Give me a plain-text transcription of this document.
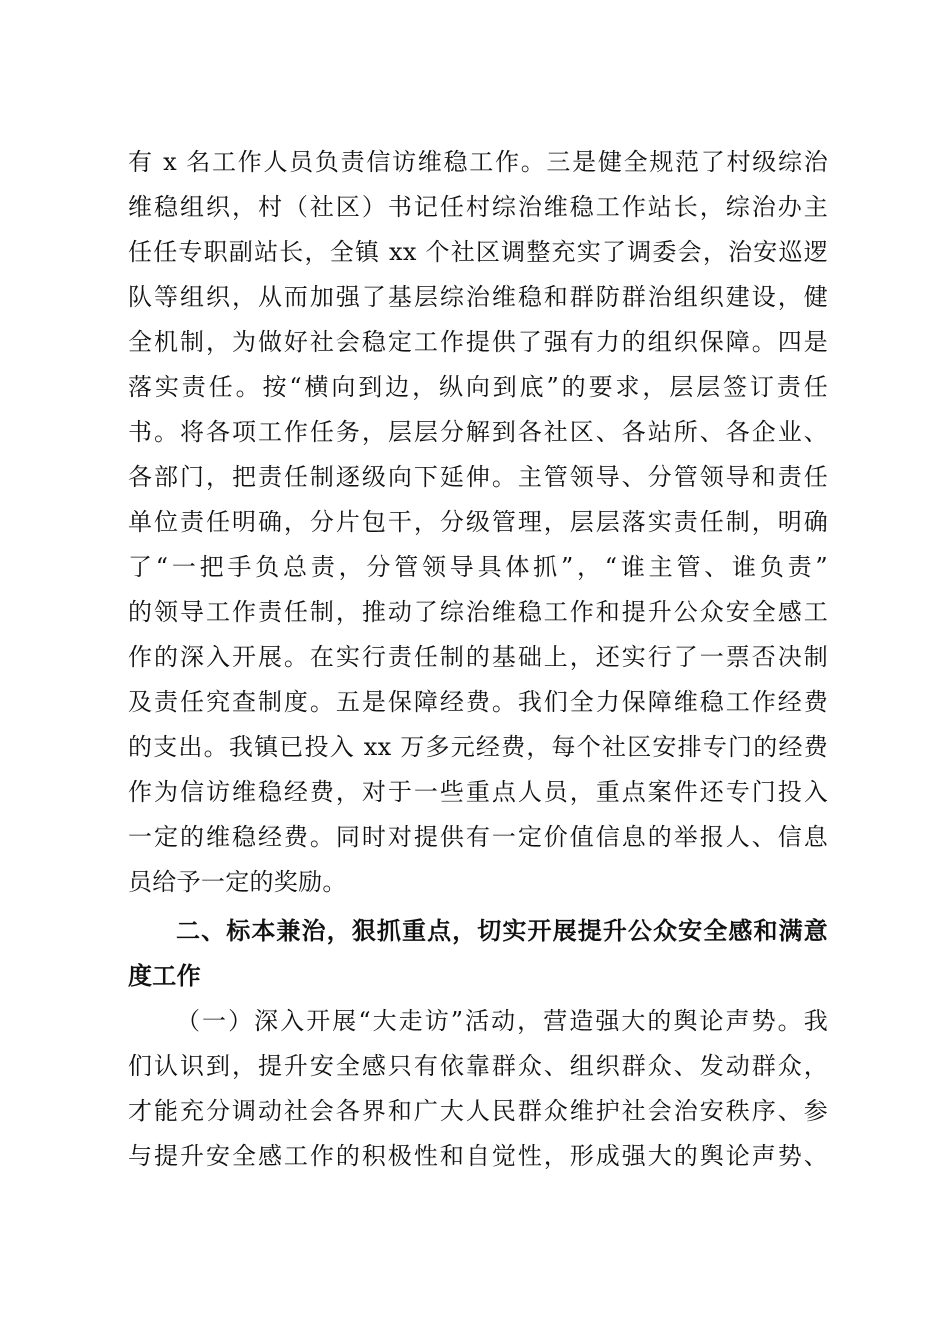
有 x 名工作人员负责信访维稳工作。三是健全规范了村级综治
维稳组织，村（社区）书记任村综治维稳工作站长，综治办主
任任专职副站长，全镇 xx 个社区调整充实了调委会，治安巡逻
队等组织，从而加强了基层综治维稳和群防群治组织建设，健
全机制，为做好社会稳定工作提供了强有力的组织保障。四是
落实责任。按“横向到边，纵向到底”的要求，层层签订责任
书。将各项工作任务，层层分解到各社区、各站所、各企业、
各部门，把责任制逐级向下延伸。主管领导、分管领导和责任
单位责任明确，分片包干，分级管理，层层落实责任制，明确
了“一把手负总责，分管领导具体抓”，“谁主管、谁负责”
的领导工作责任制，推动了综治维稳工作和提升公众安全感工
作的深入开展。在实行责任制的基础上，还实行了一票否决制
及责任究查制度。五是保障经费。我们全力保障维稳工作经费
的支出。我镇已投入 xx 万多元经费，每个社区安排专门的经费
作为信访维稳经费，对于一些重点人员，重点案件还专门投入
一定的维稳经费。同时对提供有一定价值信息的举报人、信息
员给予一定的奖励。
二、标本兼治，狠抓重点，切实开展提升公众安全感和满意
度工作
（一）深入开展“大走访”活动，营造强大的舆论声势。我
们认识到，提升安全感只有依靠群众、组织群众、发动群众，
才能充分调动社会各界和广大人民群众维护社会治安秩序、参
与提升安全感工作的积极性和自觉性，形成强大的舆论声势、
